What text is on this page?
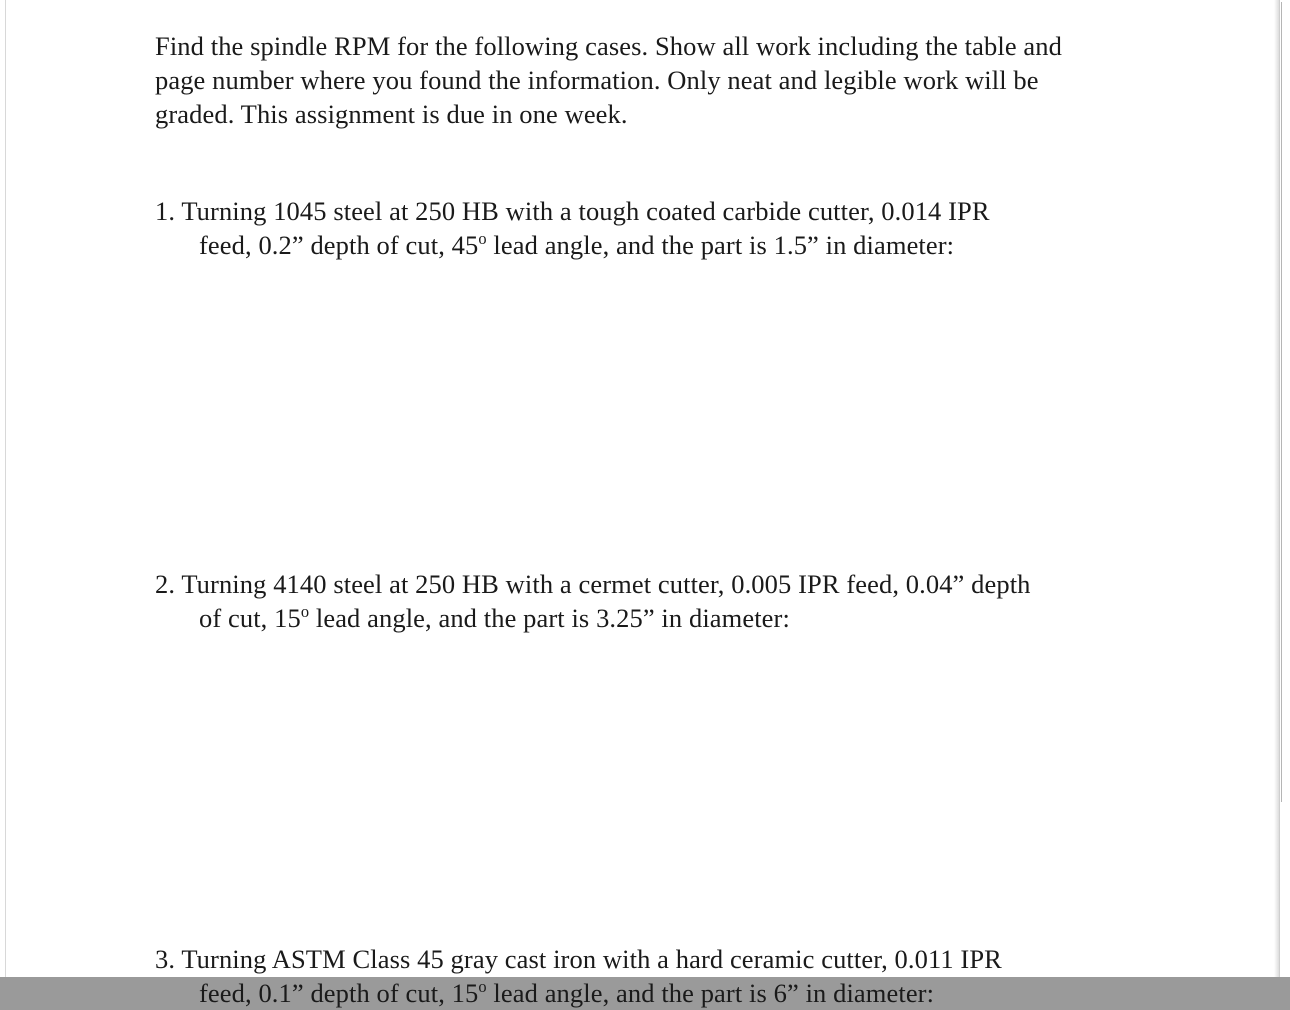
Find the spindle RPM for the following cases. Show all work including the table and page number where you found the information. Only neat and legible work will be graded. This assignment is due in one week.

1. Turning 1045 steel at 250 HB with a tough coated carbide cutter, 0.014 IPR
feed, 0.2” depth of cut, 45$^o$ lead angle, and the part is 1.5” in diameter:
2. Turning 4140 steel at 250 HB with a cermet cutter, 0.005 IPR feed, 0.04” depth
of cut, 15$^o$ lead angle, and the part is 3.25” in diameter:
3. Turning ASTM Class 45 gray cast iron with a hard ceramic cutter, 0.011 IPR
feed, 0.1” depth of cut, 15$^o$ lead angle, and the part is 6” in diameter:
